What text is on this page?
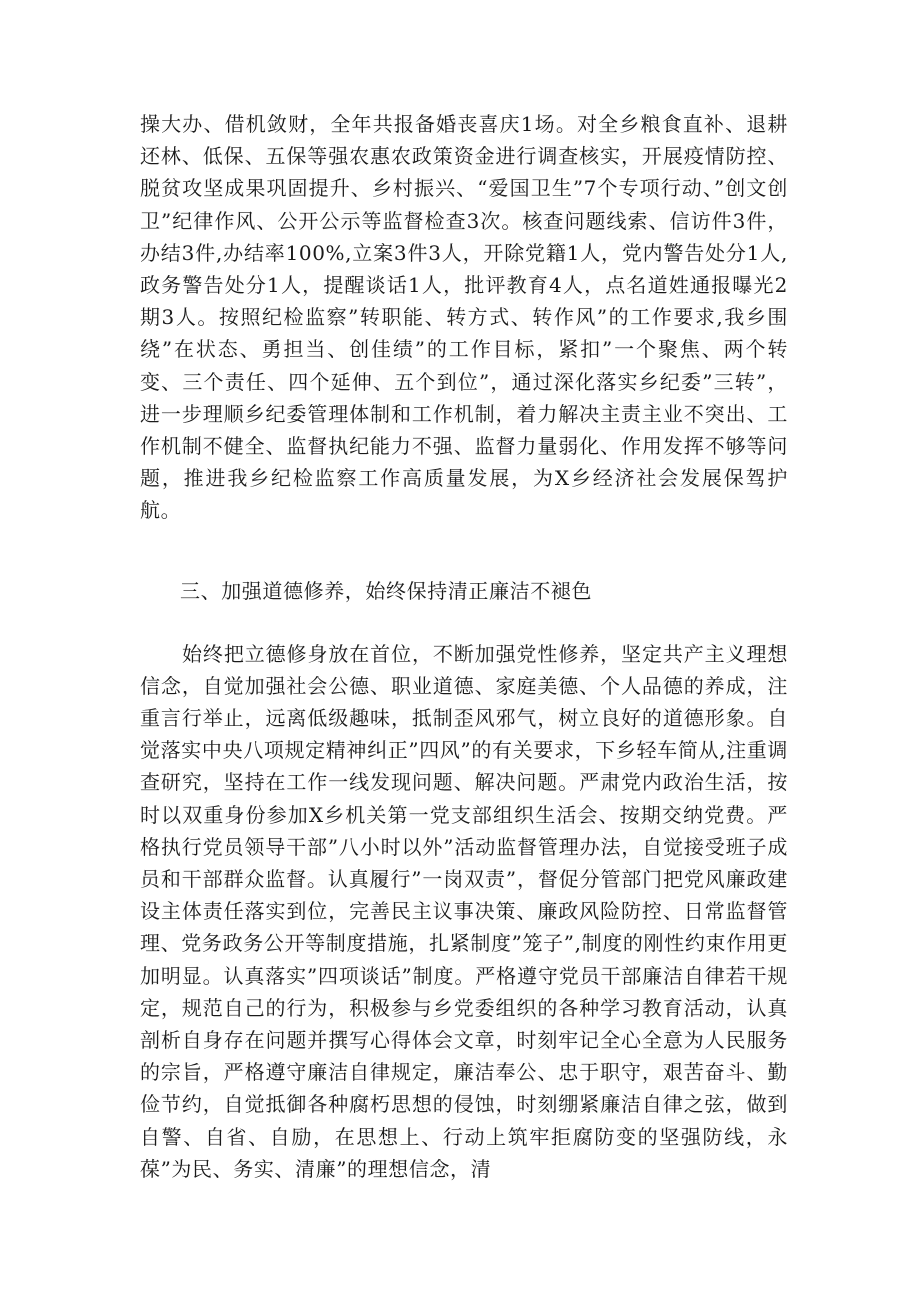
操大办、借机敛财，全年共报备婚丧喜庆1场。对全乡粮食直补、退耕还林、低保、五保等强农惠农政策资金进行调查核实，开展疫情防控、脱贫攻坚成果巩固提升、乡村振兴、“爱国卫生”7个专项行动、”创文创卫”纪律作风、公开公示等监督检查3次。核查问题线索、信访件3件，办结3件,办结率100%,立案3件3人，开除党籍1人，党内警告处分1人,政务警告处分1人，提醒谈话1人，批评教育4人，点名道姓通报曝光2期3人。按照纪检监察”转职能、转方式、转作风”的工作要求,我乡围绕”在状态、勇担当、创佳绩”的工作目标，紧扣”一个聚焦、两个转变、三个责任、四个延伸、五个到位”，通过深化落实乡纪委”三转”，进一步理顺乡纪委管理体制和工作机制，着力解决主责主业不突出、工作机制不健全、监督执纪能力不强、监督力量弱化、作用发挥不够等问题，推进我乡纪检监察工作高质量发展，为X乡经济社会发展保驾护航。

三、加强道德修养，始终保持清正廉洁不褪色

始终把立德修身放在首位，不断加强党性修养，坚定共产主义理想信念，自觉加强社会公德、职业道德、家庭美德、个人品德的养成，注重言行举止，远离低级趣味，抵制歪风邪气，树立良好的道德形象。自觉落实中央八项规定精神纠正”四风”的有关要求，下乡轻车简从,注重调查研究，坚持在工作一线发现问题、解决问题。严肃党内政治生活，按时以双重身份参加X乡机关第一党支部组织生活会、按期交纳党费。严格执行党员领导干部”八小时以外”活动监督管理办法，自觉接受班子成员和干部群众监督。认真履行”一岗双责”，督促分管部门把党风廉政建设主体责任落实到位，完善民主议事决策、廉政风险防控、日常监督管理、党务政务公开等制度措施，扎紧制度”笼子”,制度的刚性约束作用更加明显。认真落实”四项谈话”制度。严格遵守党员干部廉洁自律若干规定，规范自己的行为，积极参与乡党委组织的各种学习教育活动，认真剖析自身存在问题并撰写心得体会文章，时刻牢记全心全意为人民服务的宗旨，严格遵守廉洁自律规定，廉洁奉公、忠于职守，艰苦奋斗、勤俭节约，自觉抵御各种腐朽思想的侵蚀，时刻绷紧廉洁自律之弦，做到自警、自省、自励，在思想上、行动上筑牢拒腐防变的坚强防线，永葆”为民、务实、清廉”的理想信念，清
